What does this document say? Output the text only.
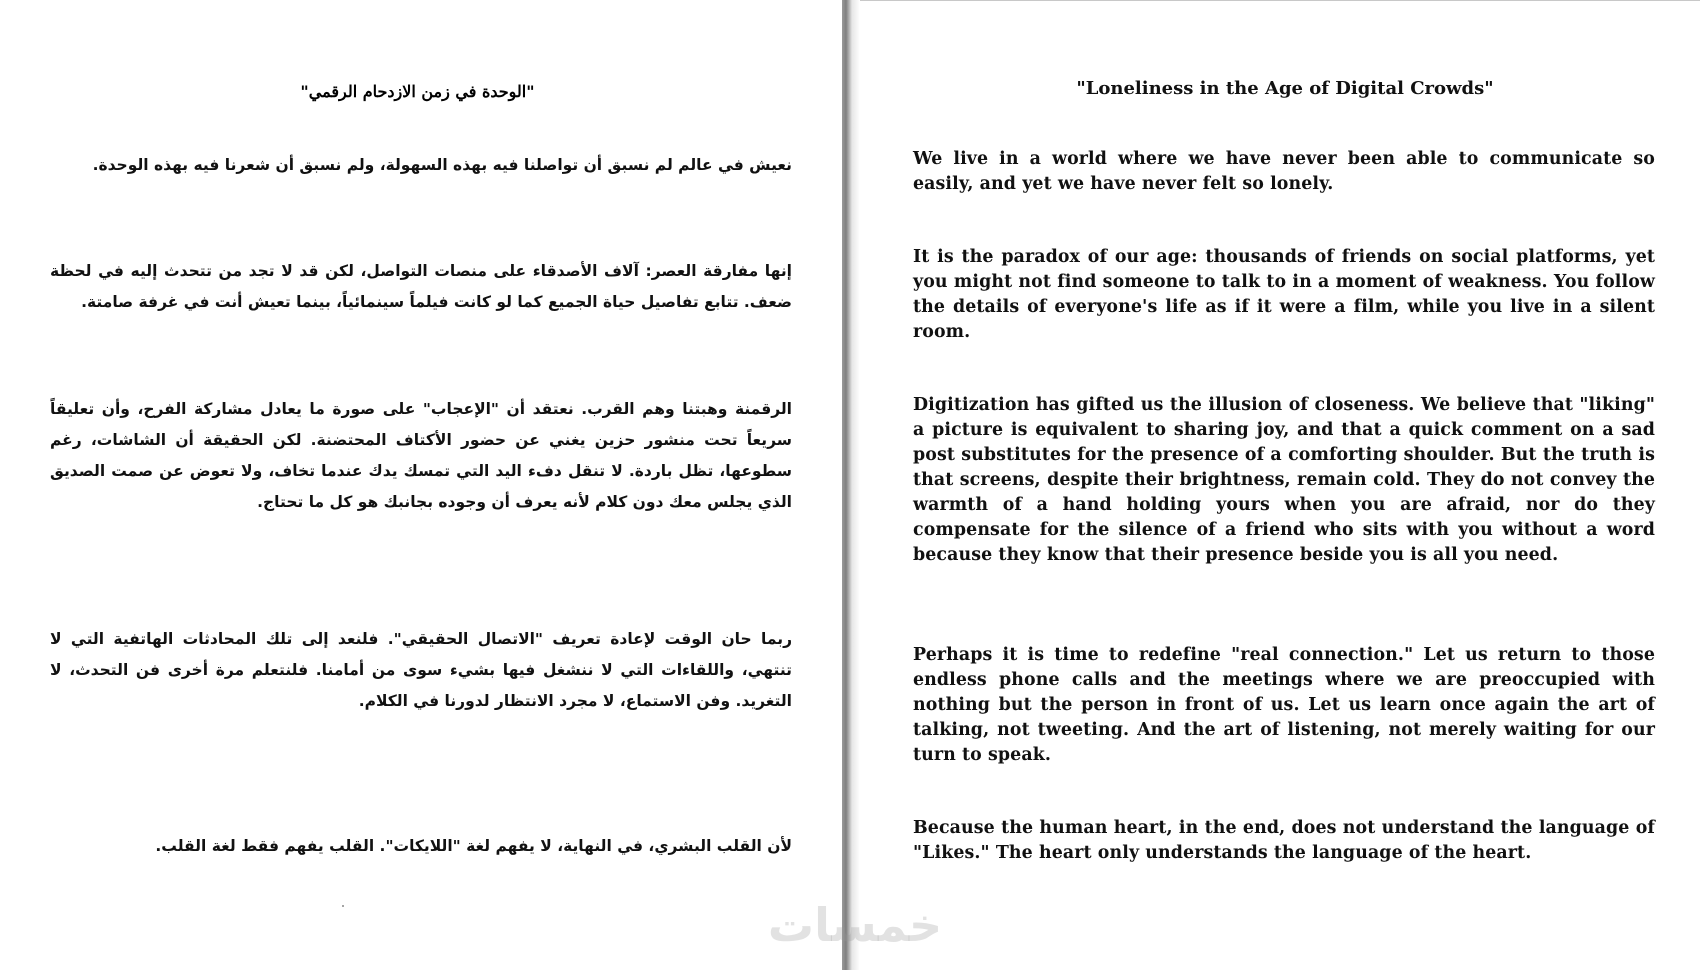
"الوحدة في زمن الازدحام الرقمي"

نعيش في عالم لم نسبق أن تواصلنا فيه بهذه السهولة، ولم نسبق أن شعرنا فيه بهذه الوحدة.

إنها مفارقة العصر: آلاف الأصدقاء على منصات التواصل، لكن قد لا تجد من تتحدث إليه في لحظة ضعف. تتابع تفاصيل حياة الجميع كما لو كانت فيلماً سينمائياً، بينما تعيش أنت في غرفة صامتة.

الرقمنة وهبتنا وهم القرب. نعتقد أن "الإعجاب" على صورة ما يعادل مشاركة الفرح، وأن تعليقاً سريعاً تحت منشور حزين يغني عن حضور الأكتاف المحتضنة. لكن الحقيقة أن الشاشات، رغم سطوعها، تظل باردة. لا تنقل دفء اليد التي تمسك يدك عندما تخاف، ولا تعوض عن صمت الصديق الذي يجلس معك دون كلام لأنه يعرف أن وجوده بجانبك هو كل ما تحتاج.

ربما حان الوقت لإعادة تعريف "الاتصال الحقيقي". فلنعد إلى تلك المحادثات الهاتفية التي لا تنتهي، واللقاءات التي لا ننشغل فيها بشيء سوى من أمامنا. فلنتعلم مرة أخرى فن التحدث، لا التغريد. وفن الاستماع، لا مجرد الانتظار لدورنا في الكلام.

لأن القلب البشري، في النهاية، لا يفهم لغة "اللايكات". القلب يفهم فقط لغة القلب.

"Loneliness in the Age of Digital Crowds"

We live in a world where we have never been able to communicate so easily, and yet we have never felt so lonely.

It is the paradox of our age: thousands of friends on social platforms, yet you might not find someone to talk to in a moment of weakness. You follow the details of everyone's life as if it were a film, while you live in a silent room.

Digitization has gifted us the illusion of closeness. We believe that "liking" a picture is equivalent to sharing joy, and that a quick comment on a sad post substitutes for the presence of a comforting shoulder. But the truth is that screens, despite their brightness, remain cold. They do not convey the warmth of a hand holding yours when you are afraid, nor do they compensate for the silence of a friend who sits with you without a word because they know that their presence beside you is all you need.

Perhaps it is time to redefine "real connection." Let us return to those endless phone calls and the meetings where we are preoccupied with nothing but the person in front of us. Let us learn once again the art of talking, not tweeting. And the art of listening, not merely waiting for our turn to speak.

Because the human heart, in the end, does not understand the language of "Likes." The heart only understands the language of the heart.

خمسات
